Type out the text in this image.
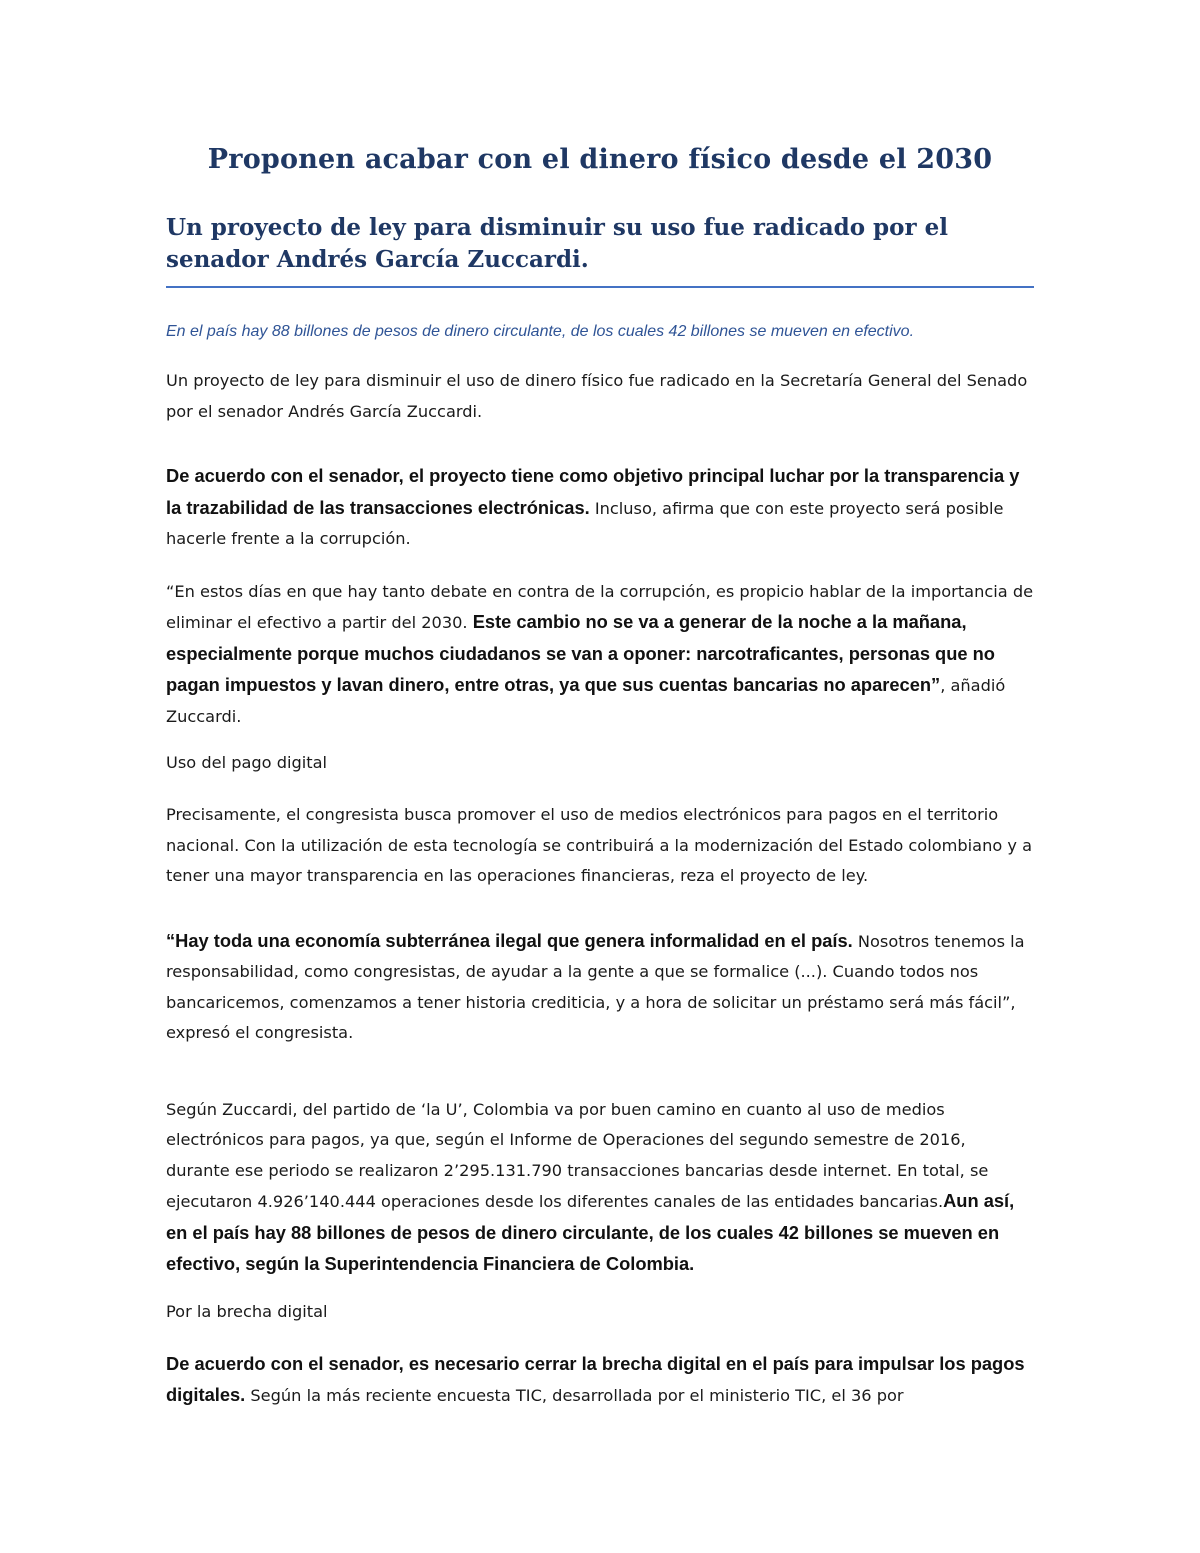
Proponen acabar con el dinero físico desde el 2030
Un proyecto de ley para disminuir su uso fue radicado por el senador Andrés García Zuccardi.

En el país hay 88 billones de pesos de dinero circulante, de los cuales 42 billones se mueven en efectivo.

Un proyecto de ley para disminuir el uso de dinero físico fue radicado en la Secretaría General del Senado por el senador Andrés García Zuccardi.

De acuerdo con el senador, el proyecto tiene como objetivo principal luchar por la transparencia y la trazabilidad de las transacciones electrónicas. Incluso, afirma que con este proyecto será posible hacerle frente a la corrupción.

“En estos días en que hay tanto debate en contra de la corrupción, es propicio hablar de la importancia de eliminar el efectivo a partir del 2030. Este cambio no se va a generar de la noche a la mañana, especialmente porque muchos ciudadanos se van a oponer: narcotraficantes, personas que no pagan impuestos y lavan dinero, entre otras, ya que sus cuentas bancarias no aparecen”, añadió Zuccardi.

Uso del pago digital

Precisamente, el congresista busca promover el uso de medios electrónicos para pagos en el territorio nacional. Con la utilización de esta tecnología se contribuirá a la modernización del Estado colombiano y a tener una mayor transparencia en las operaciones financieras, reza el proyecto de ley.

“Hay toda una economía subterránea ilegal que genera informalidad en el país. Nosotros tenemos la responsabilidad, como congresistas, de ayudar a la gente a que se formalice (...). Cuando todos nos bancaricemos, comenzamos a tener historia crediticia, y a hora de solicitar un préstamo será más fácil”, expresó el congresista.

Según Zuccardi, del partido de ‘la U’, Colombia va por buen camino en cuanto al uso de medios electrónicos para pagos, ya que, según el Informe de Operaciones del segundo semestre de 2016, durante ese periodo se realizaron 2’295.131.790 transacciones bancarias desde internet. En total, se ejecutaron 4.926’140.444 operaciones desde los diferentes canales de las entidades bancarias.Aun así, en el país hay 88 billones de pesos de dinero circulante, de los cuales 42 billones se mueven en efectivo, según la Superintendencia Financiera de Colombia.

Por la brecha digital

De acuerdo con el senador, es necesario cerrar la brecha digital en el país para impulsar los pagos digitales. Según la más reciente encuesta TIC, desarrollada por el ministerio TIC, el 36 por
